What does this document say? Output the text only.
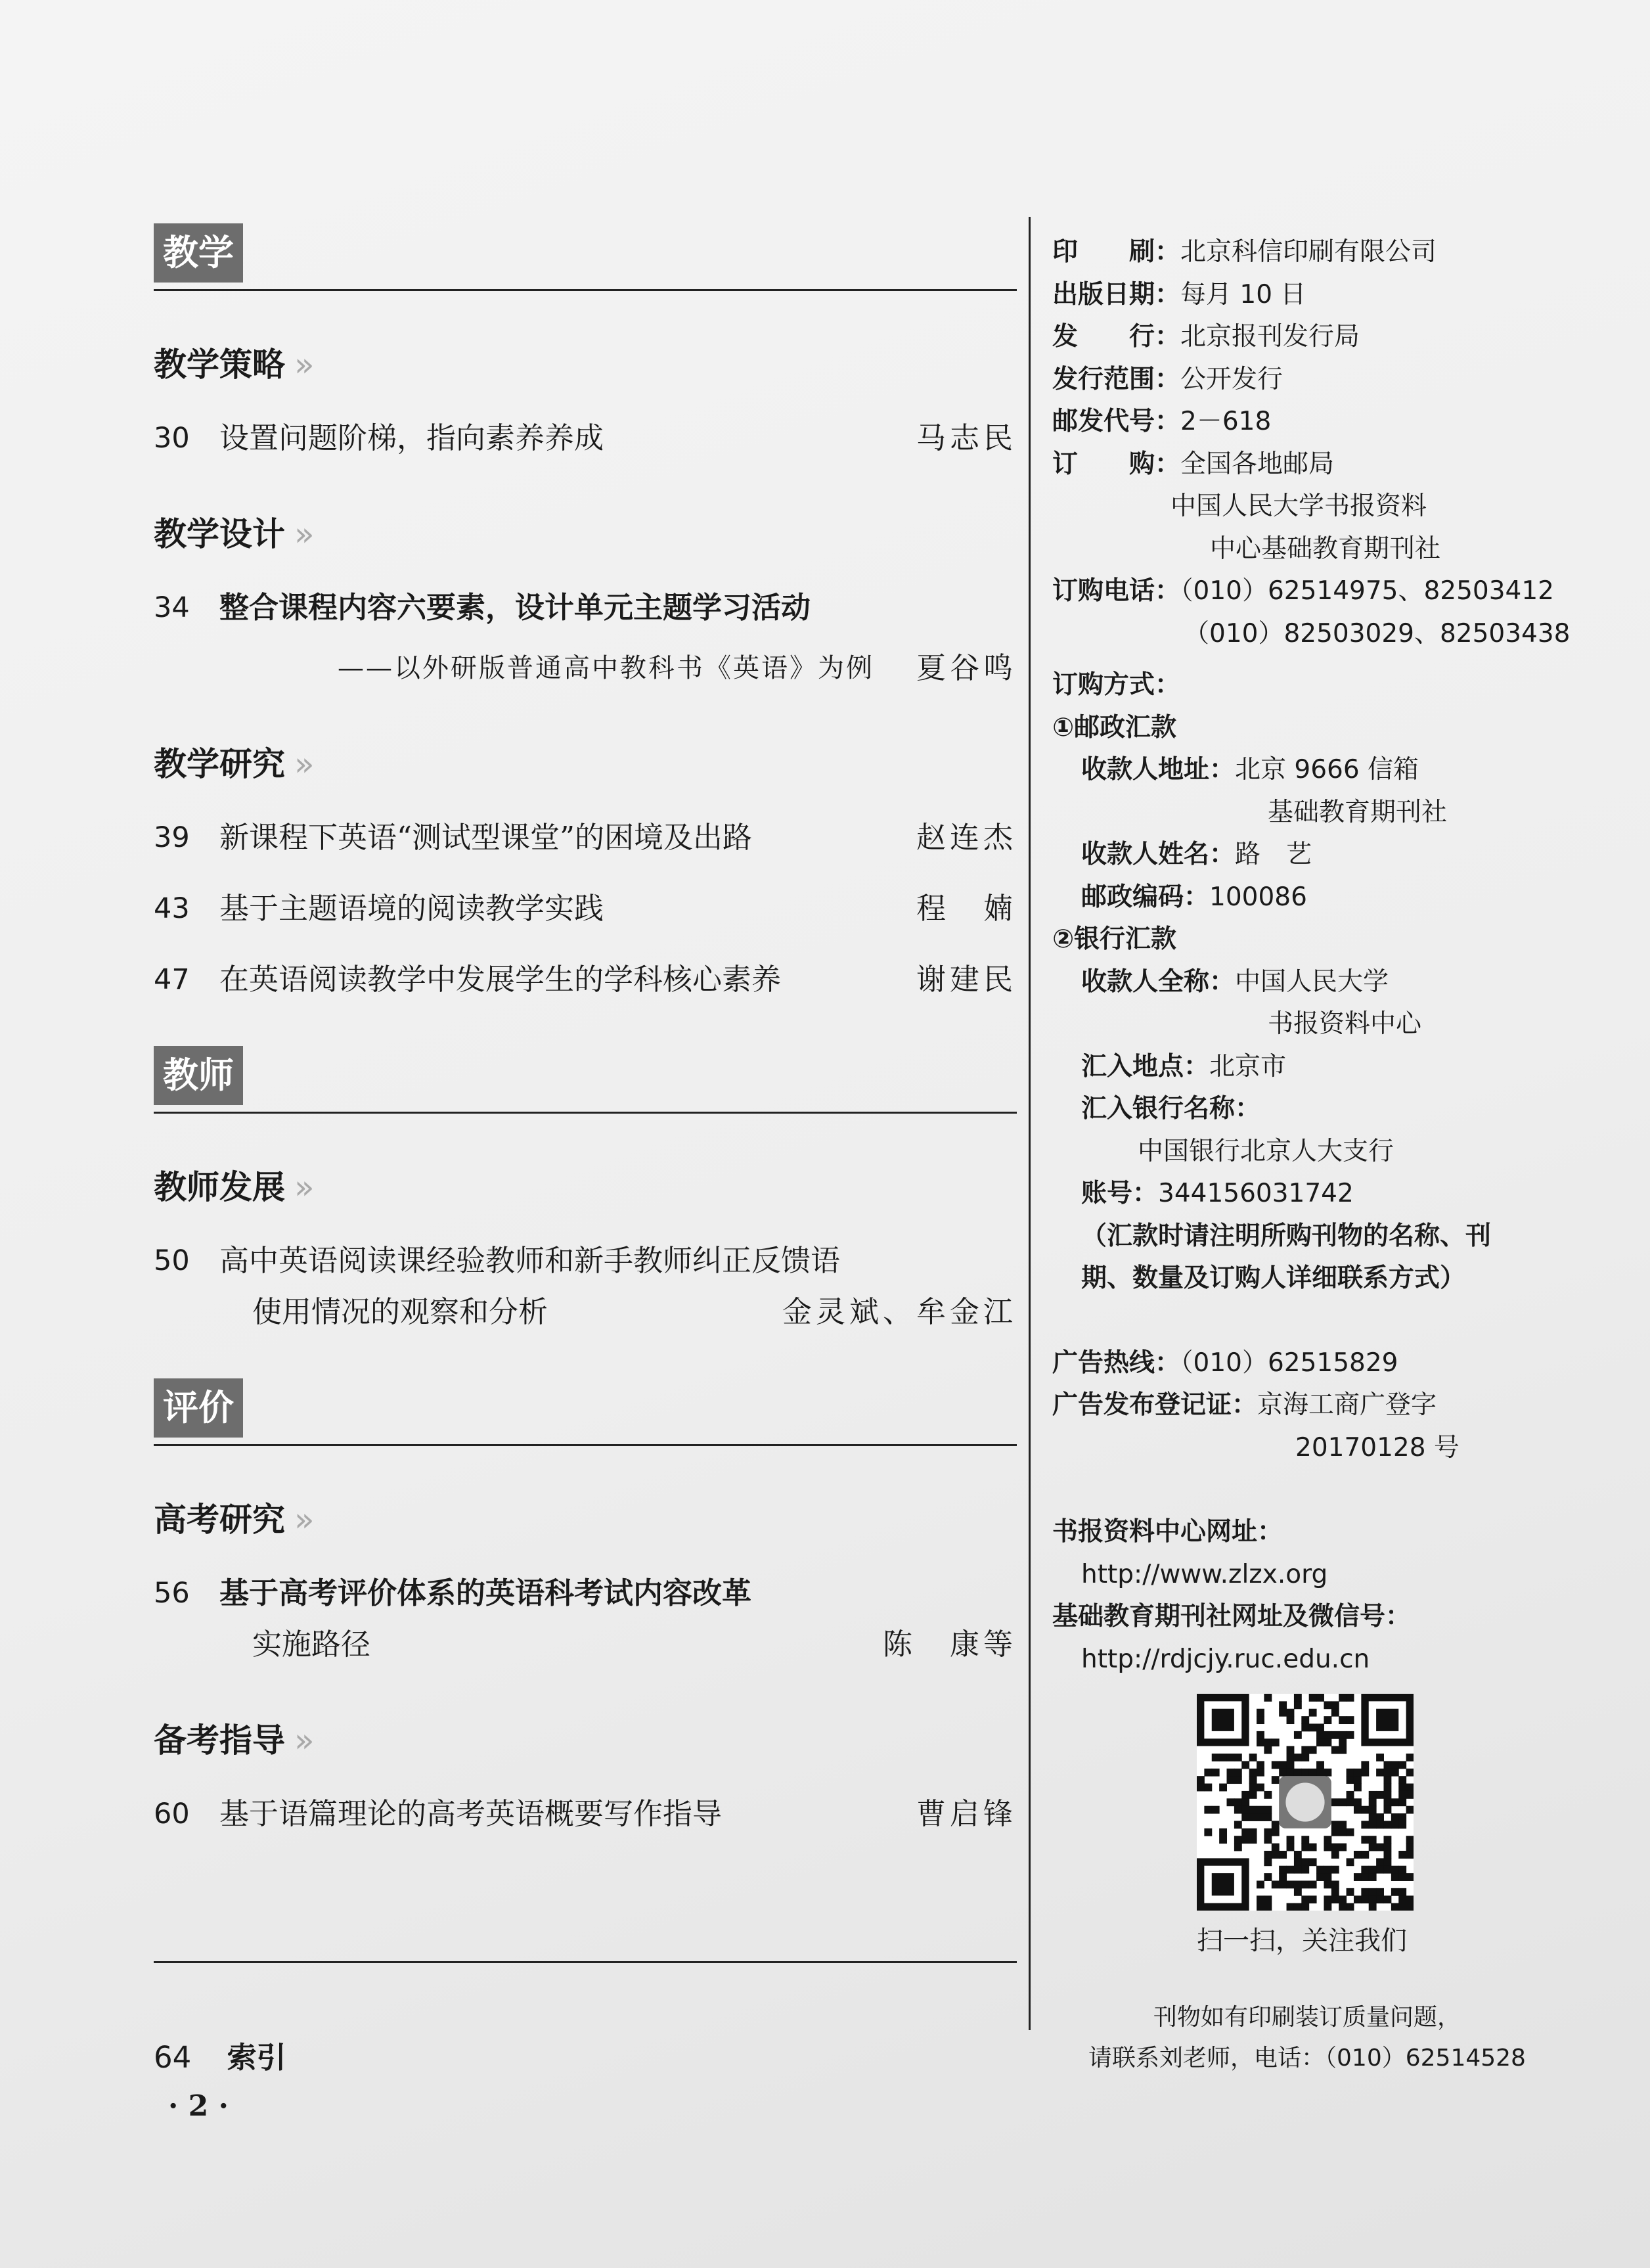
教学
教学策略 »
30 设置问题阶梯，指向素养养成	马志民
教学设计 »
34 整合课程内容六要素，设计单元主题学习活动
——以外研版普通高中教科书《英语》为例	夏谷鸣
教学研究 »
39 新课程下英语“测试型课堂”的困境及出路	赵连杰
43 基于主题语境的阅读教学实践	程　婻
47 在英语阅读教学中发展学生的学科核心素养	谢建民
教师
教师发展 »
50 高中英语阅读课经验教师和新手教师纠正反馈语
使用情况的观察和分析	金灵斌、牟金江
评价
高考研究 »
56 基于高考评价体系的英语科考试内容改革
实施路径	陈　康等
备考指导 »
60 基于语篇理论的高考英语概要写作指导	曹启锋
64 索引
· 2 ·
印　　刷：北京科信印刷有限公司
出版日期：每月 10 日
发　　行：北京报刊发行局
发行范围：公开发行
邮发代号：2－618
订　　购：全国各地邮局
中国人民大学书报资料
中心基础教育期刊社
订购电话：（010）62514975、82503412
（010）82503029、82503438
订购方式：
①邮政汇款
收款人地址：北京 9666 信箱
基础教育期刊社
收款人姓名：路　艺
邮政编码：100086
②银行汇款
收款人全称：中国人民大学
书报资料中心
汇入地点：北京市
汇入银行名称：
中国银行北京人大支行
账号：344156031742
（汇款时请注明所购刊物的名称、刊
期、数量及订购人详细联系方式）
广告热线：（010）62515829
广告发布登记证：京海工商广登字
20170128 号
书报资料中心网址：
http://www.zlzx.org
基础教育期刊社网址及微信号：
http://rdjcjy.ruc.edu.cn
扫一扫，关注我们
刊物如有印刷装订质量问题，
请联系刘老师，电话：（010）62514528
